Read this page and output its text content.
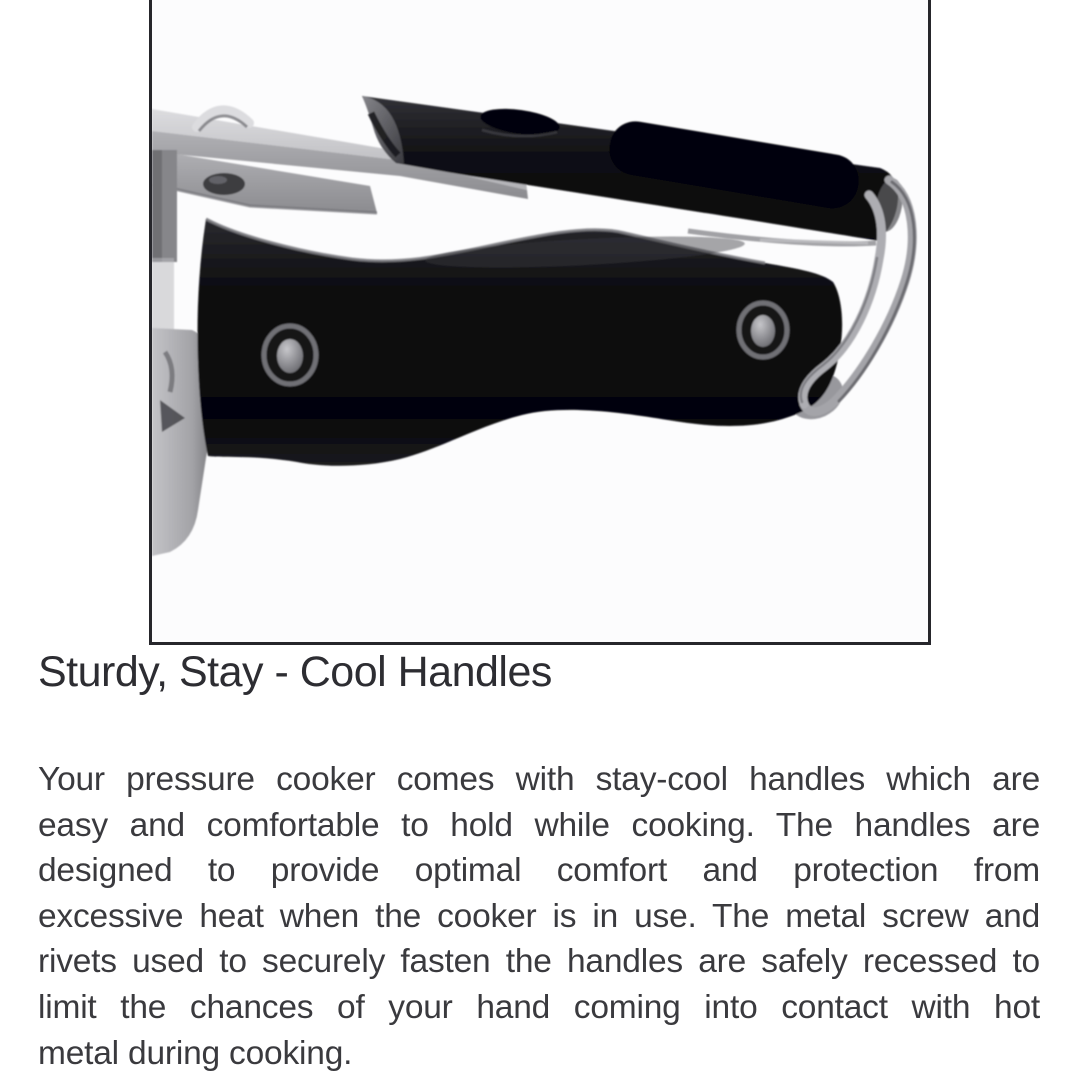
Sturdy, Stay - Cool Handles
Your pressure cooker comes with stay-cool handles which are
easy and comfortable to hold while cooking. The handles are
designed to provide optimal comfort and protection from
excessive heat when the cooker is in use. The metal screw and
rivets used to securely fasten the handles are safely recessed to
limit the chances of your hand coming into contact with hot
metal during cooking.
